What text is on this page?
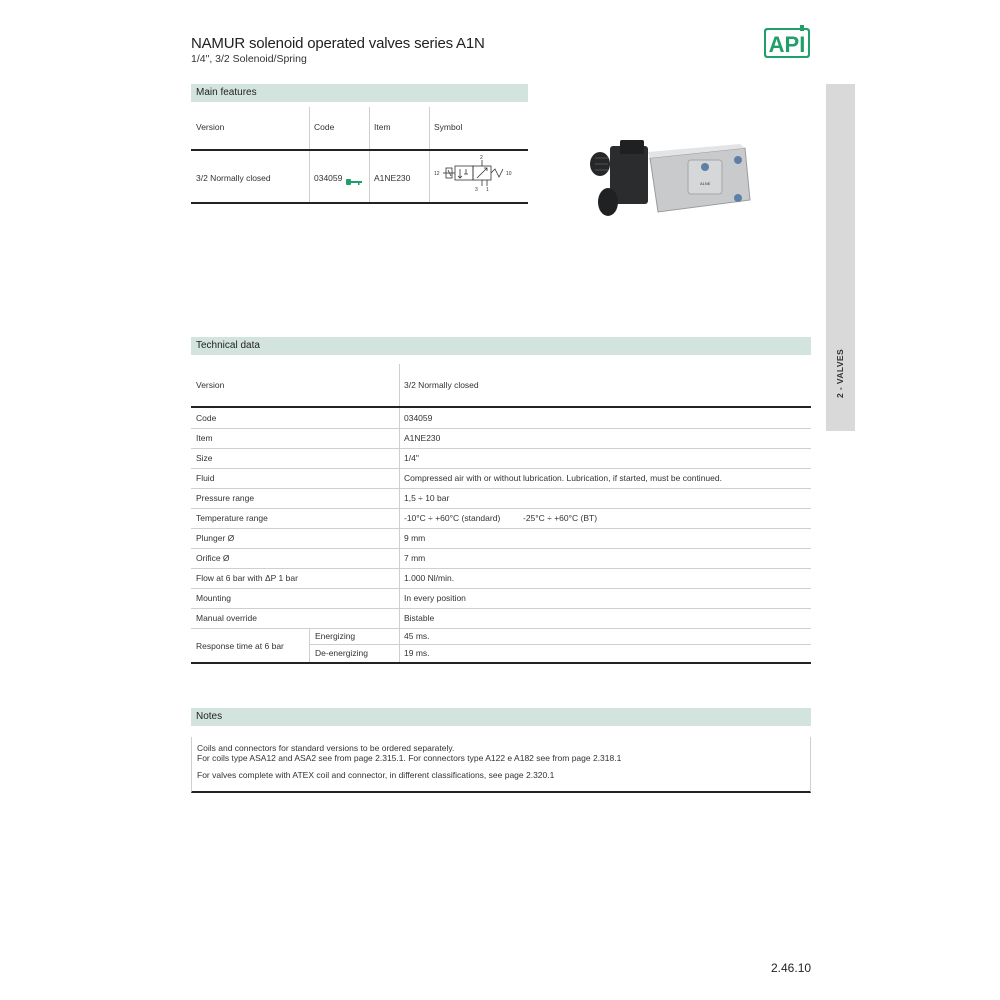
NAMUR solenoid operated valves series A1N
1/4", 3/2 Solenoid/Spring
API
Main features
Version	Code	Item	Symbol
3/2 Normally closed	034059	A1NE230	12	10
2
3 1
A1NE
2 - VALVES
Technical data
Version	3/2 Normally closed
Code	034059
Item	A1NE230
Size	1/4"
Fluid	Compressed air with or without lubrication. Lubrication, if started, must be continued.
Pressure range	1,5 ÷ 10 bar
Temperature range	-10°C ÷ +60°C (standard)	-25°C ÷ +60°C (BT)
Plunger Ø	9 mm
Orifice Ø	7 mm
Flow at 6 bar with ΔP 1 bar	1.000 Nl/min.
Mounting	In every position
Manual override	Bistable
Response time at 6 bar
Energizing	45 ms.
De-energizing	19 ms.
Notes
Coils and connectors for standard versions to be ordered separately.
For coils type ASA12 and ASA2 see from page 2.315.1. For connectors type A122 e A182 see from page 2.318.1
For valves complete with ATEX coil and connector, in different classifications, see page 2.320.1
2.46.10
